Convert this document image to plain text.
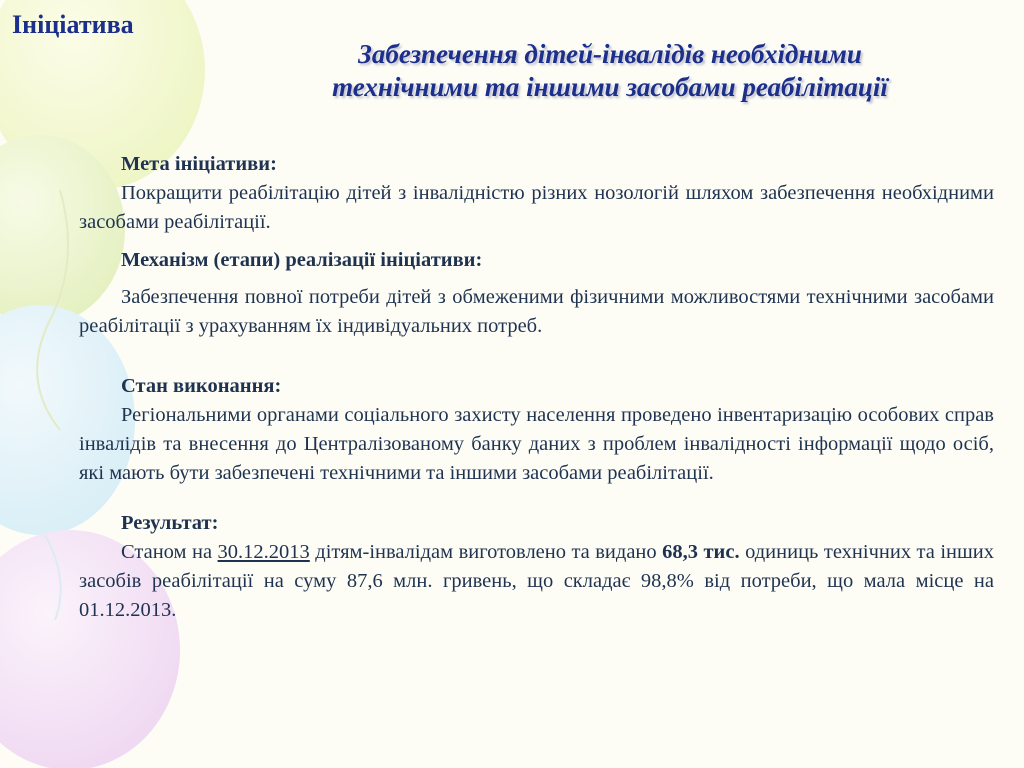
Ініціатива
Забезпечення дітей-інвалідів необхідними
технічними та іншими засобами реабілітації

Мета ініціативи:

Покращити реабілітацію дітей з інвалідністю різних нозологій шляхом забезпечення необхідними засобами реабілітації.

Механізм (етапи) реалізації ініціативи:

Забезпечення повної потреби дітей з обмеженими фізичними можливостями технічними засобами реабілітації з урахуванням їх індивідуальних потреб.

Стан виконання:

Регіональними органами соціального захисту населення проведено інвентаризацію особових справ інвалідів та внесення до Централізованому банку даних з проблем інвалідності інформації щодо осіб, які мають бути забезпечені технічними та іншими засобами реабілітації.

Результат:

Станом на 30.12.2013 дітям-інвалідам виготовлено та видано 68,3 тис. одиниць технічних та інших засобів реабілітації на суму 87,6 млн. гривень, що складає 98,8% від потреби, що мала місце на 01.12.2013.
